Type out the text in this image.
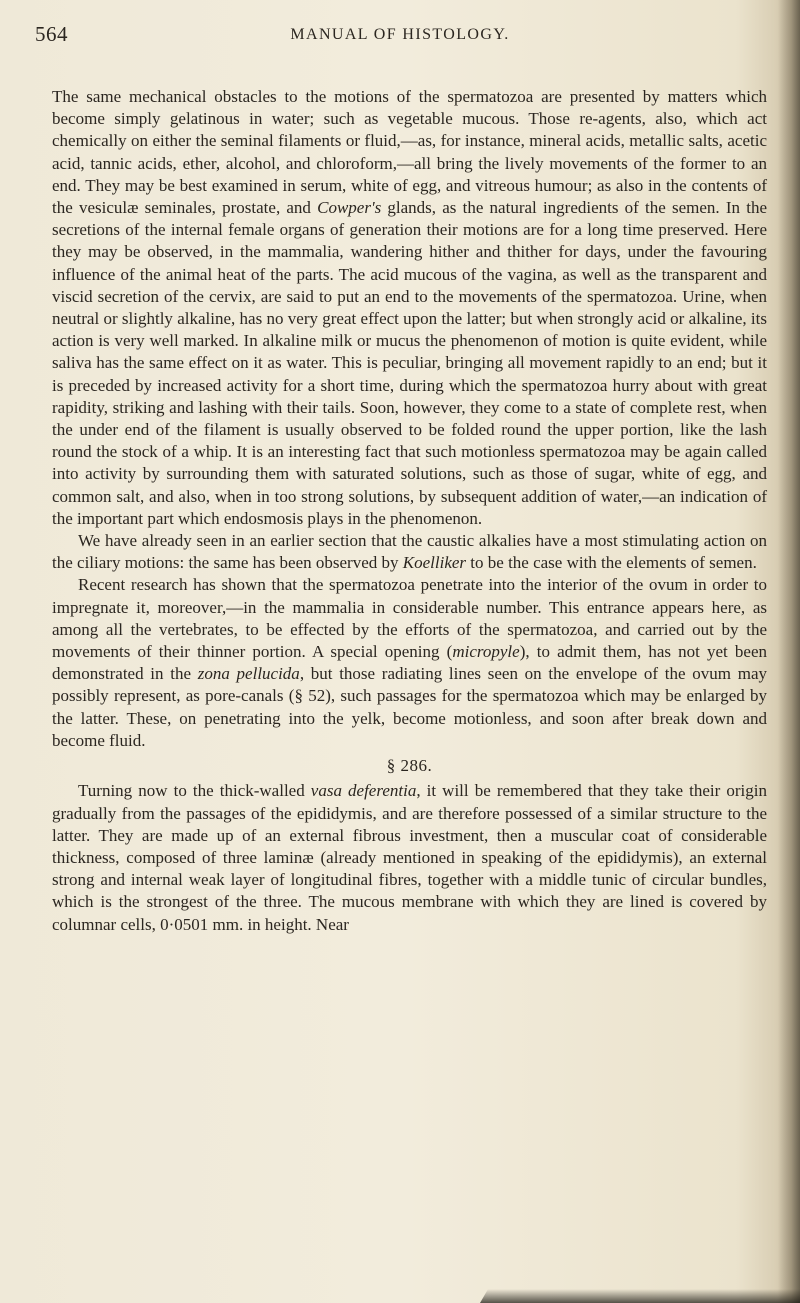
564	MANUAL OF HISTOLOGY.

The same mechanical obstacles to the motions of the spermatozoa are presented by matters which become simply gelatinous in water; such as vegetable mucous. Those re-agents, also, which act chemically on either the seminal filaments or fluid,—as, for instance, mineral acids, metallic salts, acetic acid, tannic acids, ether, alcohol, and chloroform,—all bring the lively movements of the former to an end. They may be best examined in serum, white of egg, and vitreous humour; as also in the contents of the vesiculæ seminales, prostate, and Cowper's glands, as the natural ingredients of the semen. In the secretions of the internal female organs of generation their motions are for a long time preserved. Here they may be observed, in the mammalia, wandering hither and thither for days, under the favouring influence of the animal heat of the parts. The acid mucous of the vagina, as well as the transparent and viscid secretion of the cervix, are said to put an end to the movements of the spermatozoa. Urine, when neutral or slightly alkaline, has no very great effect upon the latter; but when strongly acid or alkaline, its action is very well marked. In alkaline milk or mucus the phenomenon of motion is quite evident, while saliva has the same effect on it as water. This is peculiar, bringing all movement rapidly to an end; but it is preceded by increased activity for a short time, during which the spermatozoa hurry about with great rapidity, striking and lashing with their tails. Soon, however, they come to a state of complete rest, when the under end of the filament is usually observed to be folded round the upper portion, like the lash round the stock of a whip. It is an interesting fact that such motionless spermatozoa may be again called into activity by surrounding them with saturated solutions, such as those of sugar, white of egg, and common salt, and also, when in too strong solutions, by subsequent addition of water,—an indication of the important part which endosmosis plays in the phenomenon.

We have already seen in an earlier section that the caustic alkalies have a most stimulating action on the ciliary motions: the same has been observed by Koelliker to be the case with the elements of semen.

Recent research has shown that the spermatozoa penetrate into the interior of the ovum in order to impregnate it, moreover,—in the mammalia in considerable number. This entrance appears here, as among all the vertebrates, to be effected by the efforts of the spermatozoa, and carried out by the movements of their thinner portion. A special opening (micropyle), to admit them, has not yet been demonstrated in the zona pellucida, but those radiating lines seen on the envelope of the ovum may possibly represent, as pore-canals (§ 52), such passages for the spermatozoa which may be enlarged by the latter. These, on penetrating into the yelk, become motionless, and soon after break down and become fluid.

§ 286.

Turning now to the thick-walled vasa deferentia, it will be remembered that they take their origin gradually from the passages of the epididymis, and are therefore possessed of a similar structure to the latter. They are made up of an external fibrous investment, then a muscular coat of considerable thickness, composed of three laminæ (already mentioned in speaking of the epididymis), an external strong and internal weak layer of longitudinal fibres, together with a middle tunic of circular bundles, which is the strongest of the three. The mucous membrane with which they are lined is covered by columnar cells, 0·0501 mm. in height. Near
